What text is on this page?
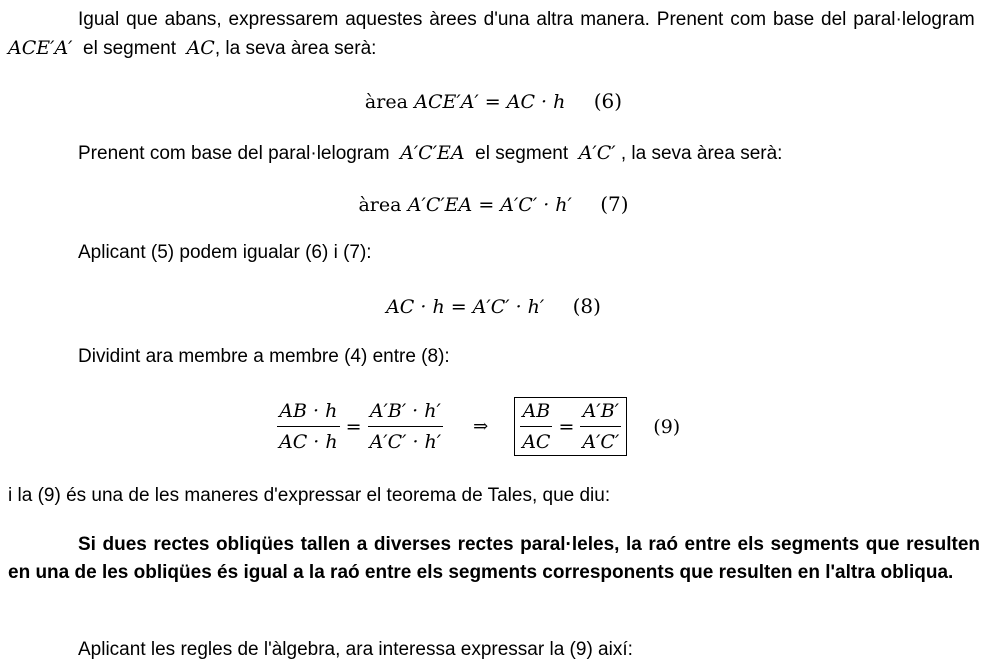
Igual que abans, expressarem aquestes àrees d'una altra manera. Prenent com base del paral·lelogram  ACE′A′ el segment AC, la seva àrea serà:
àrea ACE′A′ = AC · h (6)
Prenent com base del paral·lelogram A′C′EA el segment A′C′ , la seva àrea serà:
àrea A′C′EA = A′C′ · h′ (7)
Aplicant (5) podem igualar (6) i (7):
AC · h = A′C′ · h′ (8)
Dividint ara membre a membre (4) entre (8):
$\frac{AB \cdot h}{AC \cdot h} = \frac{A'B' \cdot h'}{A'C' \cdot h'}$ ⇒ $\frac{AB}{AC} = \frac{A'B'}{A'C'} (9)$
i la (9) és una de les maneres d'expressar el teorema de Tales, que diu:
Si dues rectes obliqües tallen a diverses rectes paral·leles, la raó entre els segments que resulten en una de les obliqües és igual a la raó entre els segments corresponents que resulten en l'altra obliqua.
Aplicant les regles de l'àlgebra, ara interessa expressar la (9) així:
